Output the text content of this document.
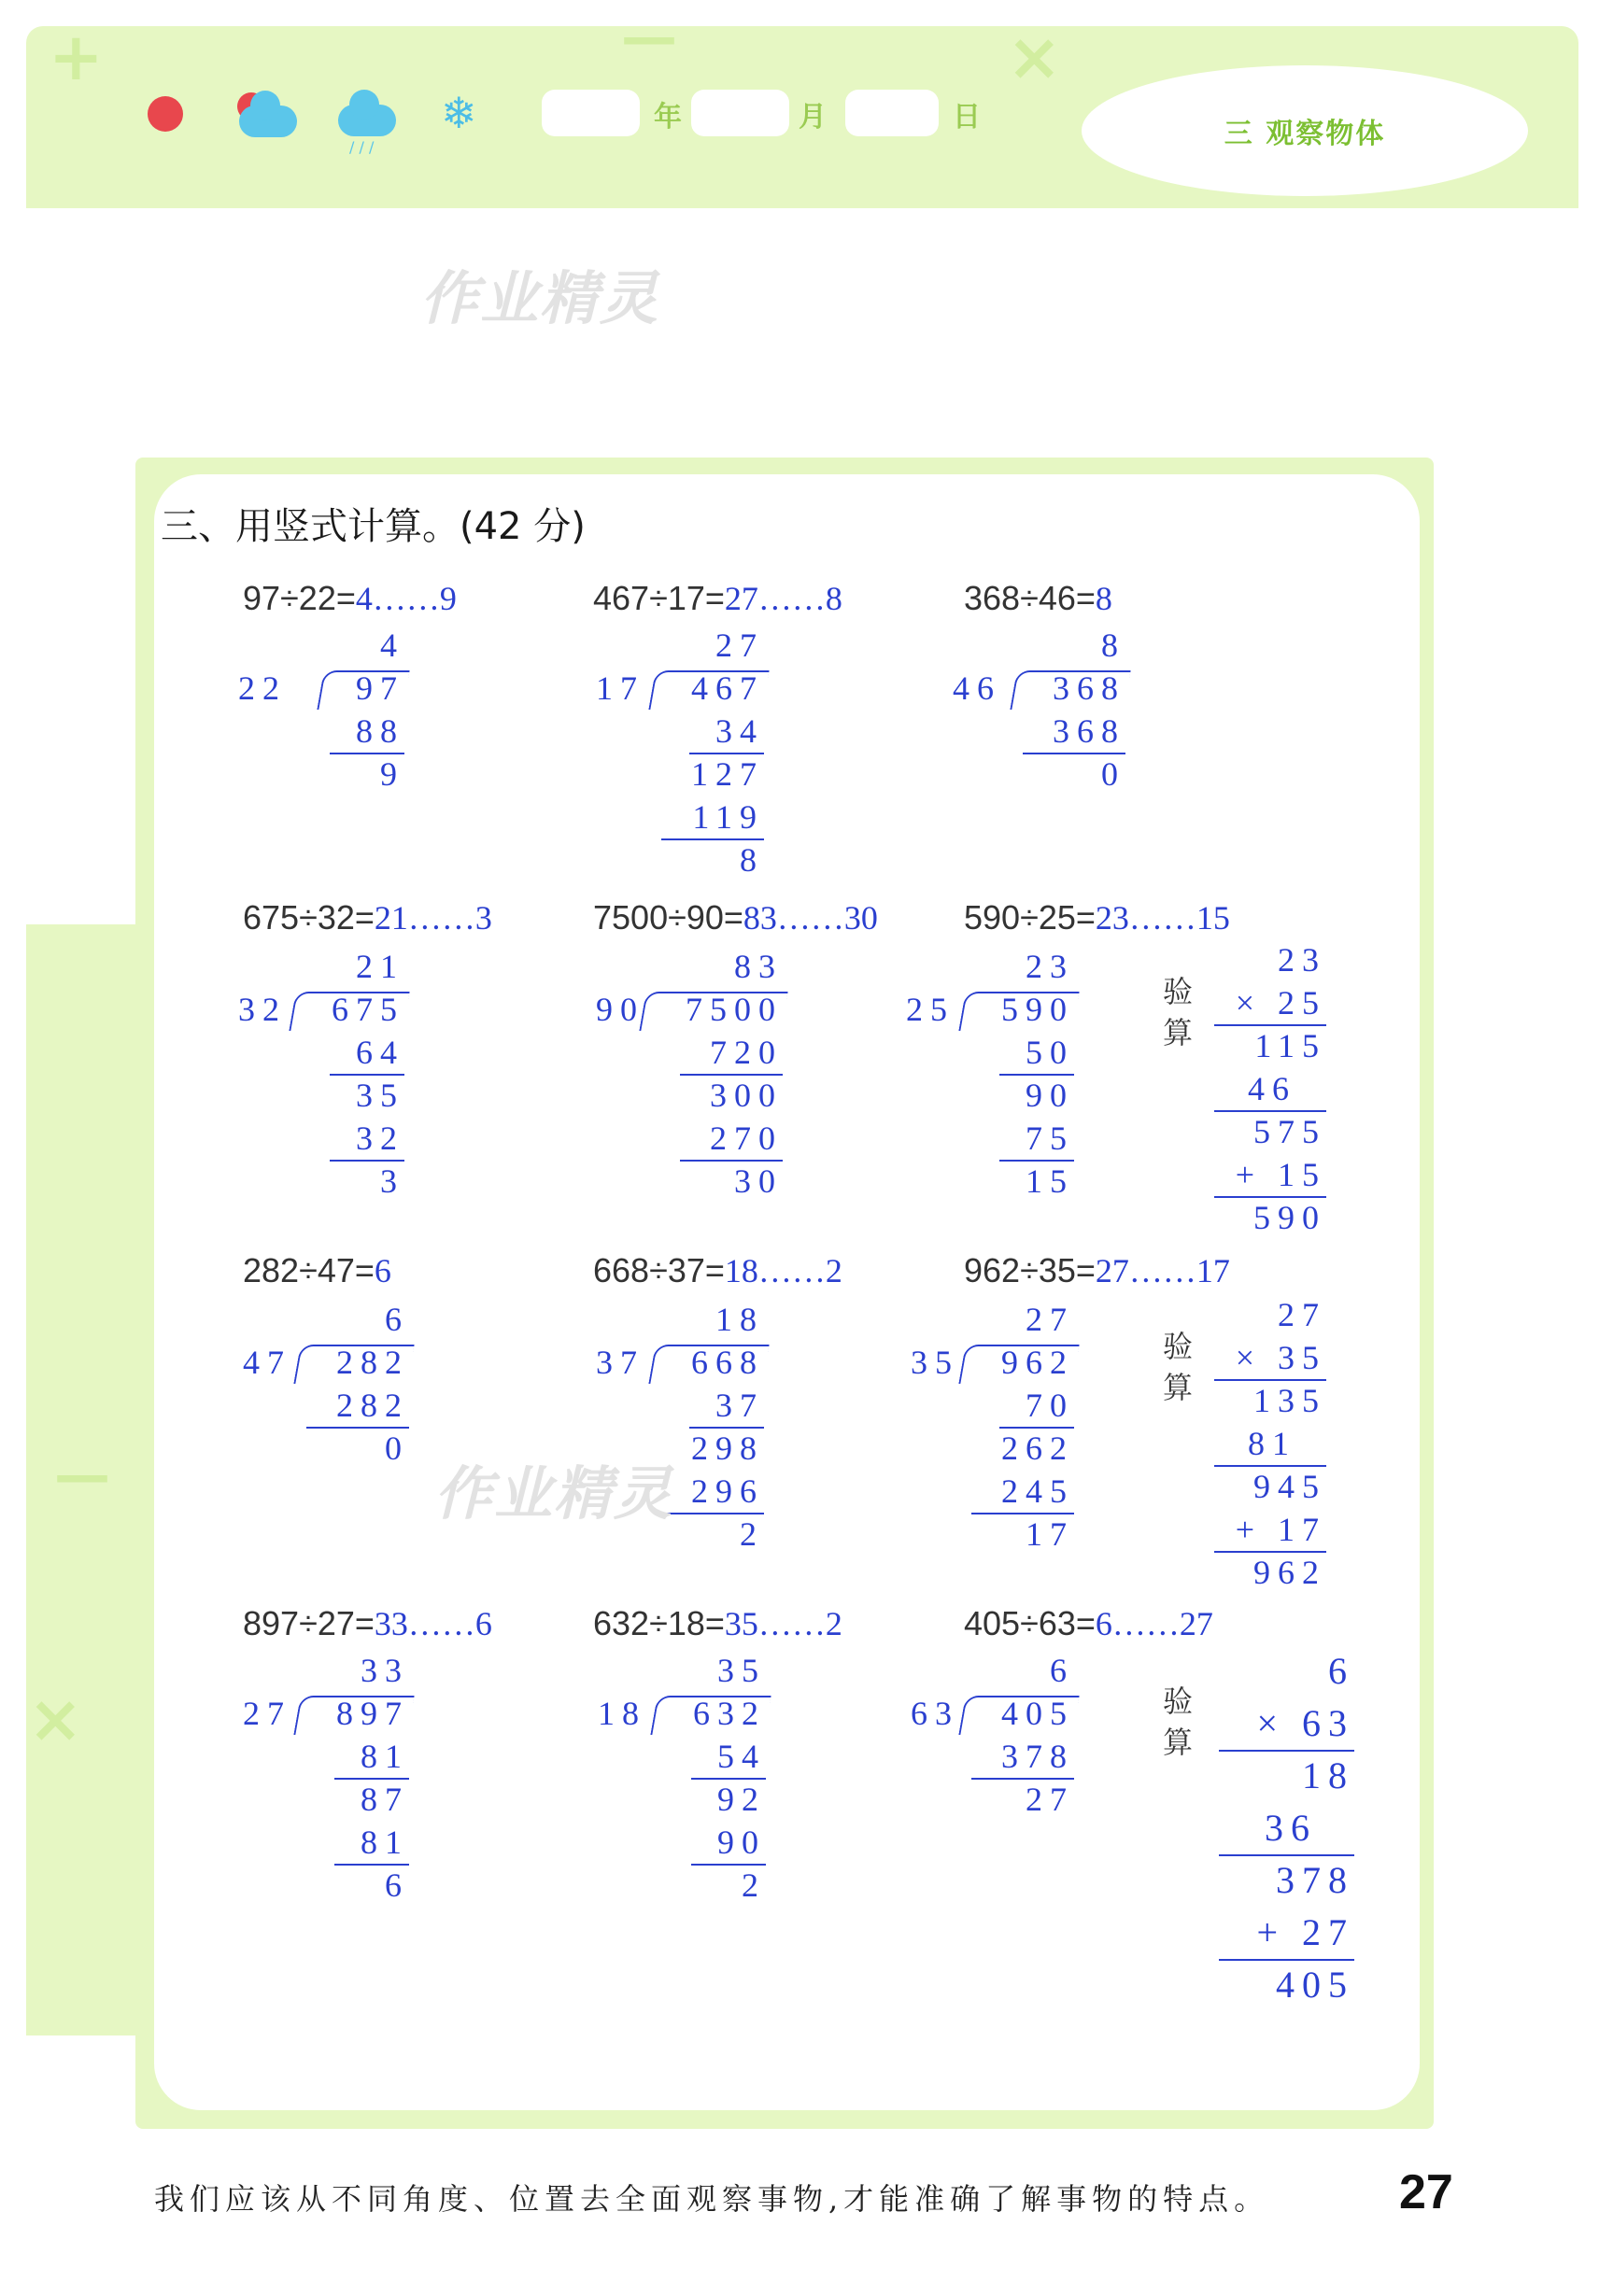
+	×
—
/ / /
❄	年	月	日
三 观察物体
作业精灵
—
×
三、用竖式计算。(42 分)
97÷22=4……9	467÷17=27……8	368÷46=8
675÷32=21……3	7500÷90=83……30	590÷25=23……15
282÷47=6	668÷37=18……2	962÷35=27……17
897÷27=33……6	632÷18=35……2	405÷63=6……27
4
97
88
9
22
27
467
34
127
119
8
17
8
368
368
0
46
21
675
64
35
32
3
32
83
7500
720
300
270
30
90
23
590
50
90
75
15
25
6
282
282
0
47
18
668
37
298
296
2
37
27
962
70
262
245
17
35
33
897
81
87
81
6
27
35
632
54
92
90
2
18
6
405
378
27
63
验算
23
× 25
115
46
575
+ 15
590
验算
27
× 35
135
81
945
+ 17
962
验算
6
× 63
18
36
378
+ 27
405
作业精灵
我们应该从不同角度、位置去全面观察事物,才能准确了解事物的特点。	27
